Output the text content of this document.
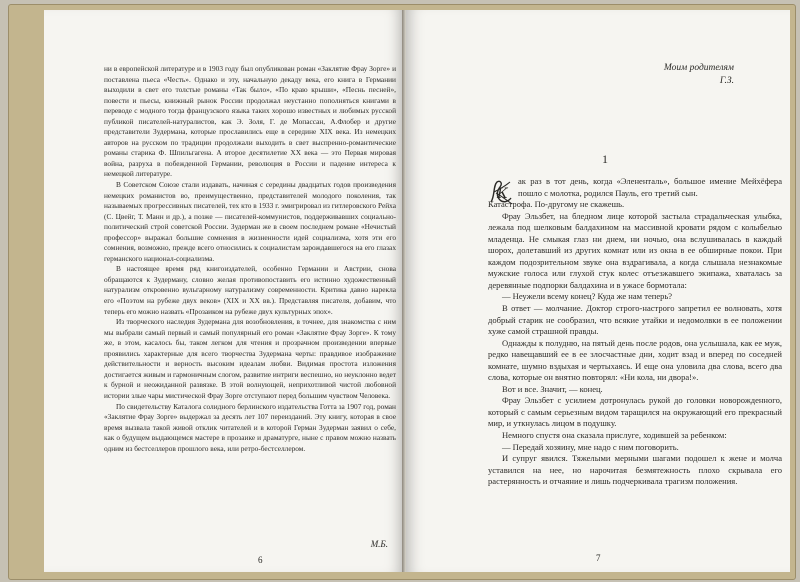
ни в европейской литературе и в 1903 году был опубликован роман «Заклятие Фрау Зорге» и поставлена пьеса «Честь». Однако и эту, начальную декаду века, его книга в Германии выходили в свет его толстые романы «Так было», «По краю крыши», «Песнь песней», повести и пьесы, книжный рынок России продолжал неустанно пополняться книгами в переводе с модного тогда французского языка таких хорошо известных и любимых русской публикой писателей-натуралистов, как Э. Золя, Г. де Мопассан, А.Флобер и другие представители Зудермана, которые прославились еще в середине XIX века. Из немецких авторов на русском по традиции продолжали выходить в свет выспренно-романтические романы старика Ф. Шпильгагена. А второе десятилетие XX века — это Первая мировая война, разруха в побежденной Германии, революция в России и падение интереса к немецкой литературе.

В Советском Союзе стали издавать, начиная с середины двадцатых годов произведения немецких романистов во, преимущественно, представителей молодого поколения, так называемых прогрессивных писателей, тех кто в 1933 г. эмигрировал из гитлеровского Рейха (С. Цвейг, Т. Манн и др.), а позже — писателей-коммунистов, поддерживавших социально-политический строй советской России. Зудерман же в своем последнем романе «Нечистый профессор» выражал большие сомнения в жизненности идей социализма, хотя эти его сомнения, возможно, прежде всего относились к социалистам зарождавшегося на его глазах германского национал-социализма.

В настоящее время ряд книгоиздателей, особенно Германии и Австрии, снова обращаются к Зудерману, словно желая противопоставить его истинно художественный натурализм откровенно вульгарному натурализму современности. Критика давно нарекла его «Поэтом на рубеже двух веков» (XIX и XX вв.). Представляя писателя, добавим, что теперь его можно назвать «Прозаиком на рубеже двух культурных эпох».

Из творческого наследия Зудермана для возобновления, в точнее, для знакомства с ним мы выбрали самый первый и самый популярный его роман «Заклятие Фрау Зорге». К тому же, в этом, касалось бы, таком легком для чтения и прозрачном произведении впервые проявились характерные для всего творчества Зудермана черты: правдивое изображение действительности и верность высоким идеалам любви. Видимая простота изложения достигается живым и гармоничным слогом, развитие интриги веспешно, но неуклонно ведет к бурной и неожиданной развязке. В этой волнующей, неприхотливой чистой любовной истории злые чары мистической Фрау Зорге отступают перед большим чувством Человека.

По свидетельству Каталога солидного берлинского издательства Готта за 1907 год, роман «Заклятие Фрау Зорге» выдержал за десять лет 107 переизданий. Эту книгу, которая в свое время вызвала такой живой отклик читателей и в которой Герман Зудерман заявил о себе, как о будущем выдающемся мастере в прозаике и драматурге, ныне с правом можно назвать одним из бестселлеров прошлого века, или ретро-бестселлером.

М.Б.
6
Моим родителям
Г.З.
1
К

ак раз в тот день, когда «Элененталь», большое имение Мейхёфера пошло с молотка, родился Пауль, его третий сын.

Катастрофа. По-другому не скажешь.

Фрау Эльзбет, на бледном лице которой застыла страдальческая улыбка, лежала под шелковым балдахином на массивной кровати рядом с колыбелью младенца. Не смыкая глаз ни днем, ни ночью, она вслушивалась в каждый шорох, долетавший из других комнат или из окна в ее обширные покои. При каждом подозрительном звуке она вздрагивала, а когда слышала незнакомые мужские голоса или глухой стук колес отъезжавшего экипажа, хваталась за деревянные подпорки балдахина и в ужасе бормотала:

— Неужели всему конец? Куда же нам теперь?

В ответ — молчание. Доктор строго-настрого запретил ее волновать, хотя добрый старик не сообразил, что всякие утайки и недомолвки в ее положении хуже самой страшной правды.

Однажды к полудню, на пятый день после родов, она услышала, как ее муж, редко навещавший ее в ее злосчастные дни, ходит взад и вперед по соседней комнате, шумно вздыхая и чертыхаясь. И еще она уловила два слова, всего два слова, которые он внятно повторял: «Ни кола, ни двора!».

Вот и все. Значит, — конец.

Фрау Эльзбет с усилием дотронулась рукой до головки новорожденного, который с самым серьезным видом таращился на окружающий его прекрасный мир, и уткнулась лицом в подушку.

Немного спустя она сказала прислуге, ходившей за ребенком:

— Передай хозяину, мне надо с ним поговорить.

И супруг явился. Тяжелыми мерными шагами подошел к жене и молча уставился на нее, но нарочитая безмятежность плохо скрывала его растерянность и отчаяние и лишь подчеркивала трагизм положения.

7
